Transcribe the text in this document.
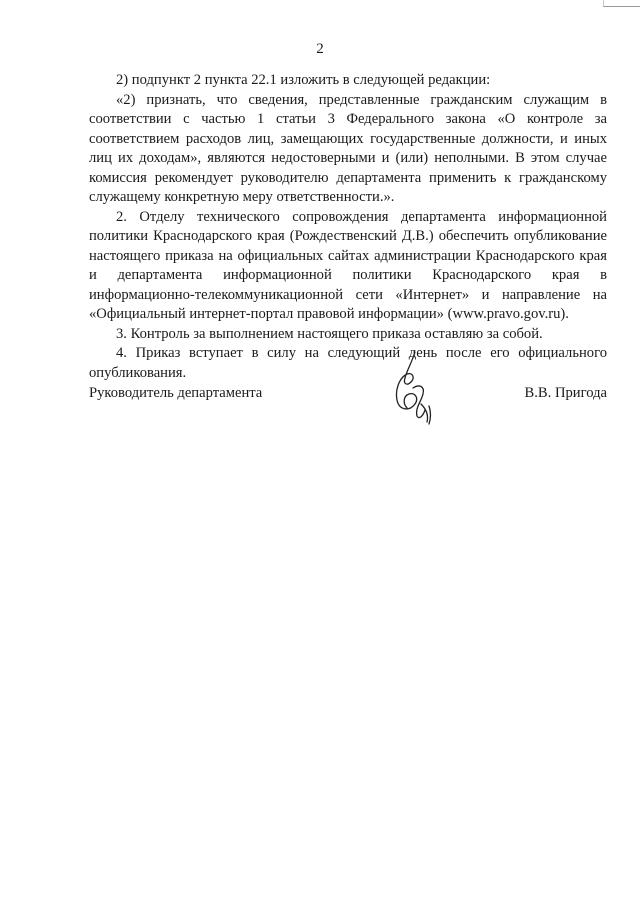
2

2) подпункт 2 пункта 22.1 изложить в следующей редакции:

«2) признать, что сведения, представленные гражданским служащим в соответствии с частью 1 статьи 3 Федерального закона «О контроле за соответствием расходов лиц, замещающих государственные должности, и иных лиц их доходам», являются недостоверными и (или) неполными. В этом случае комиссия рекомендует руководителю департамента применить к гражданскому служащему конкретную меру ответственности.».

2. Отделу технического сопровождения департамента информационной политики Краснодарского края (Рождественский Д.В.) обеспечить опубликование настоящего приказа на официальных сайтах администрации Краснодарского края и департамента информационной политики Краснодарского края в информационно-телекоммуникационной сети «Интернет» и направление на «Официальный интернет-портал правовой информации» (www.pravo.gov.ru).

3. Контроль за выполнением настоящего приказа оставляю за собой.

4. Приказ вступает в силу на следующий день после его официального опубликования.

Руководитель департамента	В.В. Пригода
